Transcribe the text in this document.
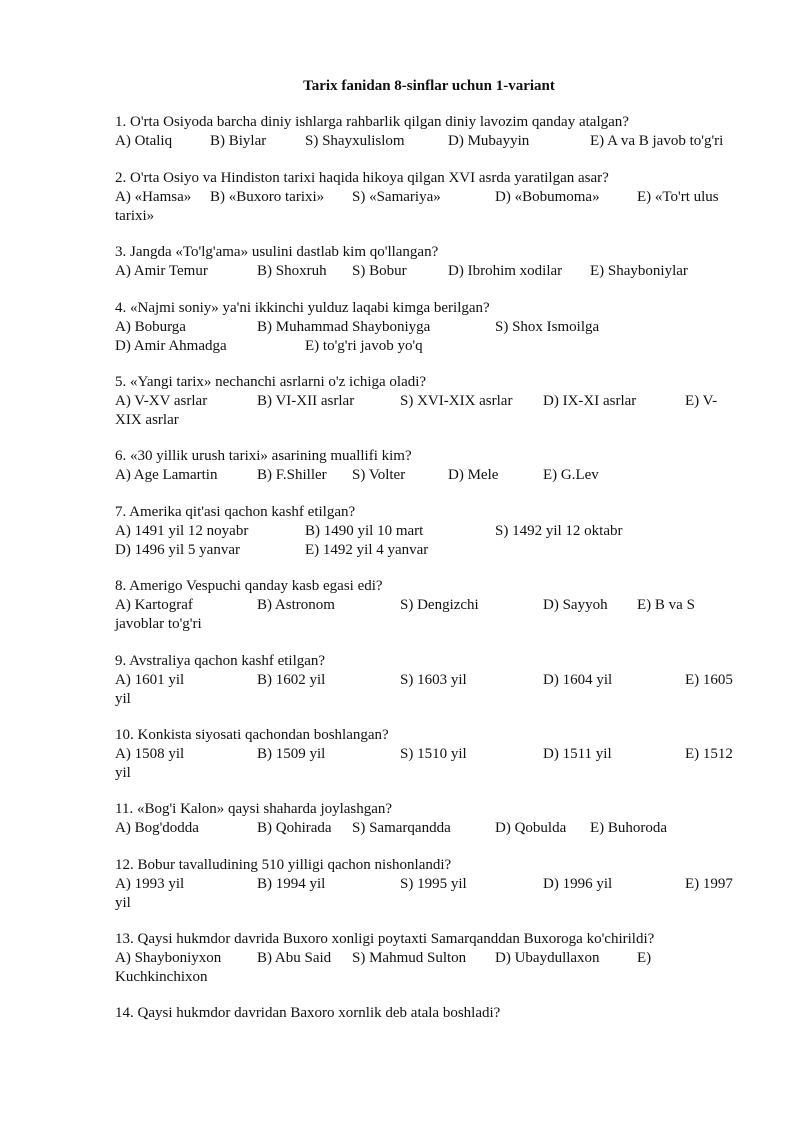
Tarix fanidan 8-sinflar uchun 1-variant
1. O'rta Osiyoda barcha diniy ishlarga rahbarlik qilgan diniy lavozim qanday atalgan?
A) Otaliq	B) Biylar	S) Shayxulislom	D) Mubayyin	E) A va B javob to'g'ri
2. O'rta Osiyo va Hindiston tarixi haqida hikoya qilgan XVI asrda yaratilgan asar?
A) «Hamsa» B) «Buxoro tarixi» S) «Samariya»	D) «Bobumoma» E) «To'rt ulus
tarixi»
3. Jangda «To'lg'ama» usulini dastlab kim qo'llangan?
A) Amir Temur	B) Shoxruh S) Bobur	D) Ibrohim xodilar E) Shayboniylar
4. «Najmi soniy» ya'ni ikkinchi yulduz laqabi kimga berilgan?
A) Boburga	B) Muhammad Shayboniyga	S) Shox Ismoilga
D) Amir Ahmadga	E) to'g'ri javob yo'q
5. «Yangi tarix» nechanchi asrlarni o'z ichiga oladi?
A) V-XV asrlar	B) VI-XII asrlar	S) XVI-XIX asrlar D) IX-XI asrlar	E) V-
XIX asrlar
6. «30 yillik urush tarixi» asarining muallifi kim?
A) Age Lamartin	B) F.Shiller S) Volter	D) Mele	E) G.Lev
7. Amerika qit'asi qachon kashf etilgan?
A) 1491 yil 12 noyabr	B) 1490 yil 10 mart	S) 1492 yil 12 oktabr
D) 1496 yil 5 yanvar	E) 1492 yil 4 yanvar
8. Amerigo Vespuchi qanday kasb egasi edi?
A) Kartograf	B) Astronom	S) Dengizchi	D) Sayyoh E) B va S
javoblar to'g'ri
9. Avstraliya qachon kashf etilgan?
A) 1601 yil	B) 1602 yil	S) 1603 yil	D) 1604 yil	E) 1605
yil
10. Konkista siyosati qachondan boshlangan?
A) 1508 yil	B) 1509 yil	S) 1510 yil	D) 1511 yil	E) 1512
yil
11. «Bog'i Kalon» qaysi shaharda joylashgan?
A) Bog'dodda	B) Qohirada S) Samarqandda	D) Qobulda E) Buhoroda
12. Bobur tavalludining 510 yilligi qachon nishonlandi?
A) 1993 yil	B) 1994 yil	S) 1995 yil	D) 1996 yil	E) 1997
yil
13. Qaysi hukmdor davrida Buxoro xonligi poytaxti Samarqanddan Buxoroga ko'chirildi?
A) Shayboniyxon B) Abu Said S) Mahmud Sulton D) Ubaydullaxon E)
Kuchkinchixon
14. Qaysi hukmdor davridan Baxoro xornlik deb atala boshladi?
